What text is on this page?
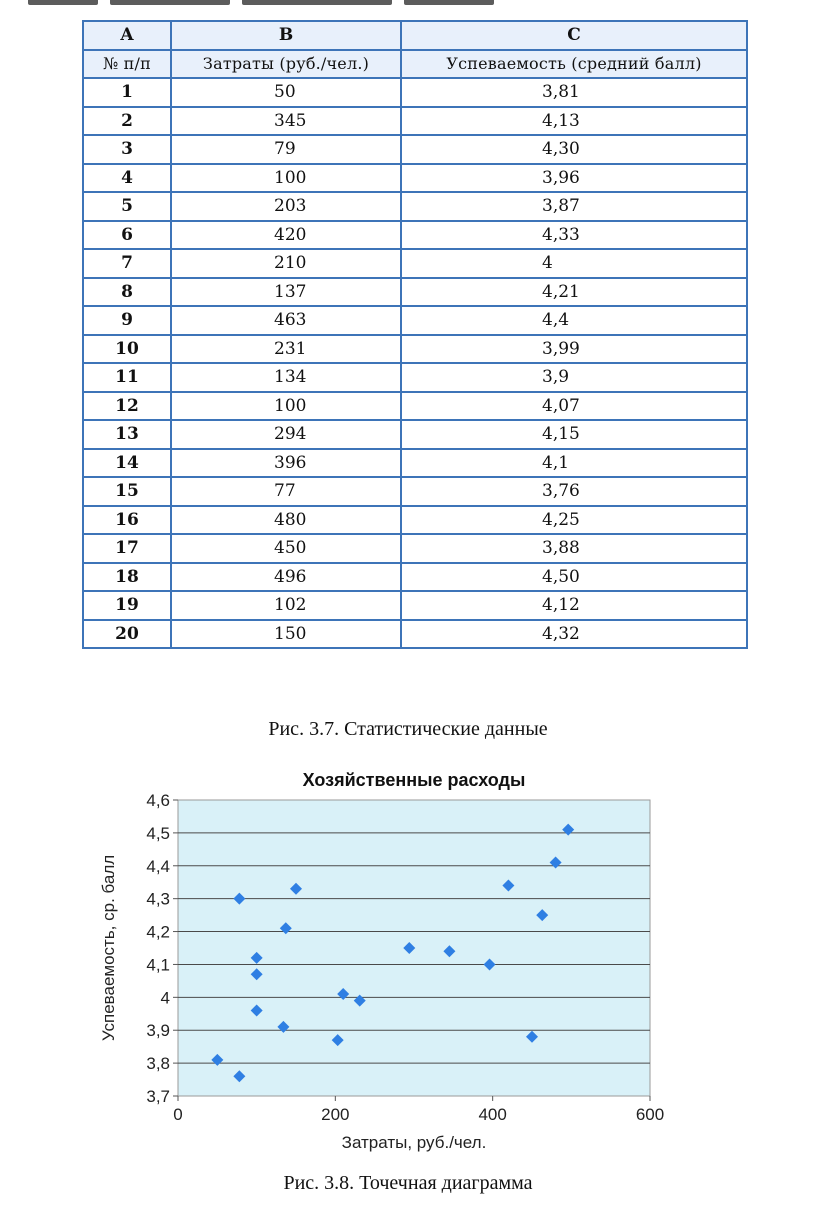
A	B	C
№ п/п	Затраты (руб./чел.)	Успеваемость (средний балл)
1	50	3,81
2	345	4,13
3	79	4,30
4	100	3,96
5	203	3,87
6	420	4,33
7	210	4
8	137	4,21
9	463	4,4
10	231	3,99
11	134	3,9
12	100	4,07
13	294	4,15
14	396	4,1
15	77	3,76
16	480	4,25
17	450	3,88
18	496	4,50
19	102	4,12
20	150	4,32
Рис. 3.7. Статистические данные
3,7
3,8
3,9
4
4,1
4,2
4,3
4,4
4,5
4,6
0	200	400	600
Хозяйственные расходы
Затраты, руб./чел.
Успеваемость, ср. балл
Рис. 3.8. Точечная диаграмма
